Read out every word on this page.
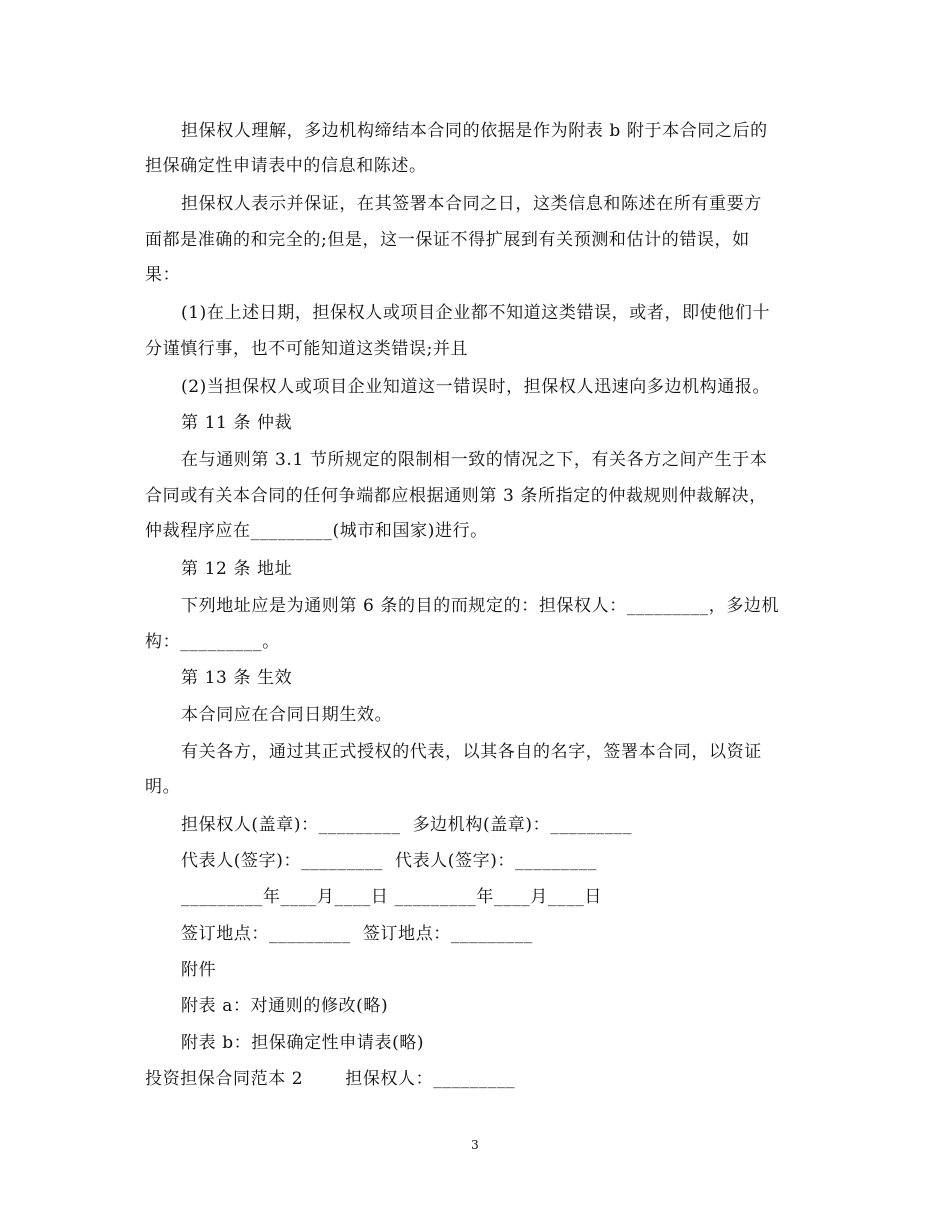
担保权人理解，多边机构缔结本合同的依据是作为附表 b 附于本合同之后的
担保确定性申请表中的信息和陈述。
担保权人表示并保证，在其签署本合同之日，这类信息和陈述在所有重要方
面都是准确的和完全的;但是，这一保证不得扩展到有关预测和估计的错误，如
果：
(1)在上述日期，担保权人或项目企业都不知道这类错误，或者，即使他们十
分谨慎行事，也不可能知道这类错误;并且
(2)当担保权人或项目企业知道这一错误时，担保权人迅速向多边机构通报。
第 11 条 仲裁
在与通则第 3.1 节所规定的限制相一致的情况之下，有关各方之间产生于本
合同或有关本合同的任何争端都应根据通则第 3 条所指定的仲裁规则仲裁解决，
仲裁程序应在_________(城市和国家)进行。
第 12 条 地址
下列地址应是为通则第 6 条的目的而规定的：担保权人：_________，多边机
构：_________。
第 13 条 生效
本合同应在合同日期生效。
有关各方，通过其正式授权的代表，以其各自的名字，签署本合同，以资证
明。
担保权人(盖章)：_________  多边机构(盖章)：_________
代表人(签字)：_________  代表人(签字)：_________
_________年____月____日 _________年____月____日
签订地点：_________  签订地点：_________
附件
附表 a：对通则的修改(略)
附表 b：担保确定性申请表(略)
投资担保合同范本 2       担保权人：_________
3
